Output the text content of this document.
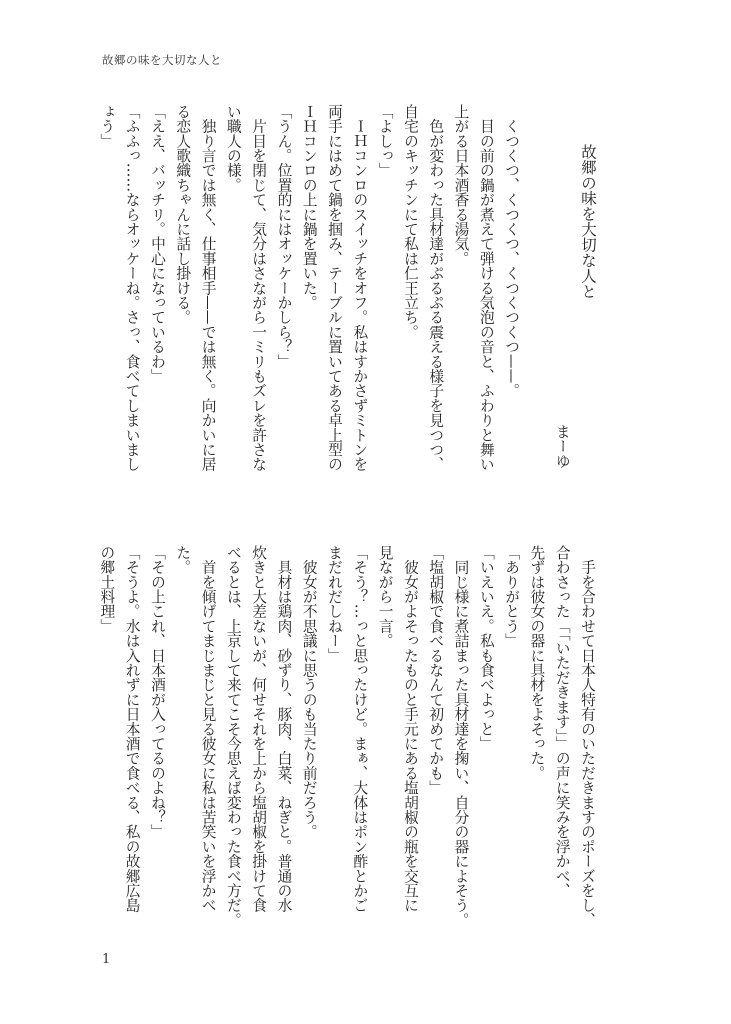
故郷の味を大切な人と
故郷の味を大切な人と
まーゆ
　くつくつ、くつくつ、くつくつくつ——。
　目の前の鍋が煮えて弾ける気泡の音と、ふわりと舞い
上がる日本酒香る湯気。
　色が変わった具材達がぷるぷる震える様子を見つつ、
自宅のキッチンにて私は仁王立ち。
「よしっ」
　ＩＨコンロのスイッチをオフ。私はすかさずミトンを
両手にはめて鍋を掴み、テーブルに置いてある卓上型の
ＩＨコンロの上に鍋を置いた。
「うん。位置的にはオッケーかしら？」
　片目を閉じて、気分はさながら一ミリもズレを許さな
い職人の様。
　独り言では無く、仕事相手——では無く。向かいに居
る恋人歌織ちゃんに話し掛ける。
「ええ、バッチリ。中心になっているわ」
「ふふっ……ならオッケーね。さっ、食べてしまいまし
ょう」
　手を合わせて日本人特有のいただきますのポーズをし、
合わさった「「いただきます」」の声に笑みを浮かべ、
先ずは彼女の器に具材をよそった。
「ありがとう」
「いえいえ。私も食べよっと」
　同じ様に煮詰まった具材達を掬い、自分の器によそう。
「塩胡椒で食べるなんて初めてかも」
　彼女がよそったものと手元にある塩胡椒の瓶を交互に
見ながら一言。
「そう？…っと思ったけど。まぁ、大体はポン酢とかご
まだれだしねー」
　彼女が不思議に思うのも当たり前だろう。
　具材は鶏肉、砂ずり、豚肉、白菜、ねぎと。普通の水
炊きと大差ないが、何せそれを上から塩胡椒を掛けて食
べるとは、上京して来てこそ今思えば変わった食べ方だ。
　首を傾げてまじまじと見る彼女に私は苦笑いを浮かべ
た。
「その上これ、日本酒が入ってるのよね？」
「そうよ。水は入れずに日本酒で食べる、私の故郷広島
の郷土料理」
1
